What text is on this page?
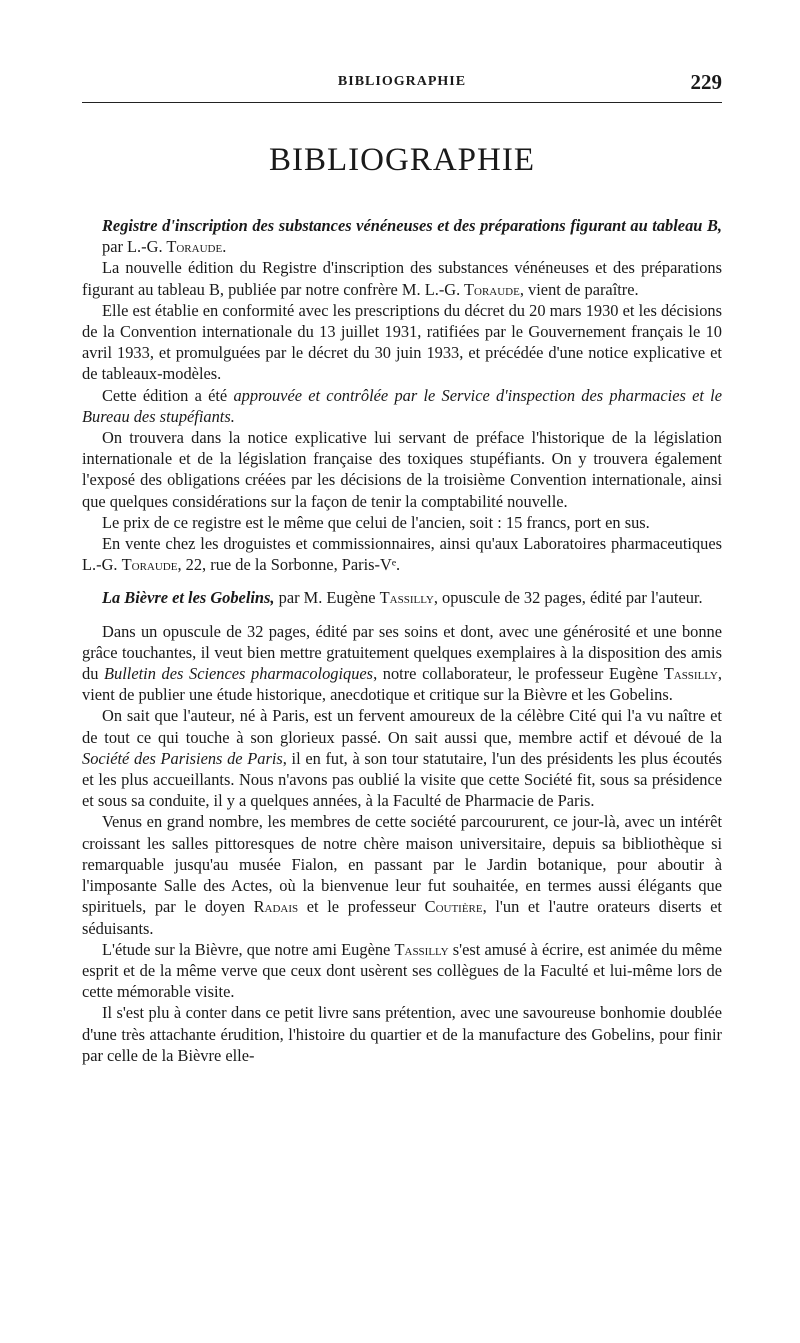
BIBLIOGRAPHIE	229
BIBLIOGRAPHIE

Registre d'inscription des substances vénéneuses et des préparations figurant au tableau B, par L.-G. Toraude.

La nouvelle édition du Registre d'inscription des substances vénéneuses et des préparations figurant au tableau B, publiée par notre confrère M. L.-G. Toraude, vient de paraître.

Elle est établie en conformité avec les prescriptions du décret du 20 mars 1930 et les décisions de la Convention internationale du 13 juillet 1931, ratifiées par le Gouvernement français le 10 avril 1933, et promulguées par le décret du 30 juin 1933, et précédée d'une notice explicative et de tableaux-modèles.

Cette édition a été approuvée et contrôlée par le Service d'inspection des pharmacies et le Bureau des stupéfiants.

On trouvera dans la notice explicative lui servant de préface l'historique de la législation internationale et de la législation française des toxiques stupéfiants. On y trouvera également l'exposé des obligations créées par les décisions de la troisième Convention internationale, ainsi que quelques considérations sur la façon de tenir la comptabilité nouvelle.

Le prix de ce registre est le même que celui de l'ancien, soit : 15 francs, port en sus.

En vente chez les droguistes et commissionnaires, ainsi qu'aux Laboratoires pharmaceutiques L.-G. Toraude, 22, rue de la Sorbonne, Paris-Vᵉ.

La Bièvre et les Gobelins, par M. Eugène Tassilly, opuscule de 32 pages, édité par l'auteur.

Dans un opuscule de 32 pages, édité par ses soins et dont, avec une générosité et une bonne grâce touchantes, il veut bien mettre gratuitement quelques exemplaires à la disposition des amis du Bulletin des Sciences pharmacologiques, notre collaborateur, le professeur Eugène Tassilly, vient de publier une étude historique, anecdotique et critique sur la Bièvre et les Gobelins.

On sait que l'auteur, né à Paris, est un fervent amoureux de la célèbre Cité qui l'a vu naître et de tout ce qui touche à son glorieux passé. On sait aussi que, membre actif et dévoué de la Société des Parisiens de Paris, il en fut, à son tour statutaire, l'un des présidents les plus écoutés et les plus accueillants. Nous n'avons pas oublié la visite que cette Société fit, sous sa présidence et sous sa conduite, il y a quelques années, à la Faculté de Pharmacie de Paris.

Venus en grand nombre, les membres de cette société parcoururent, ce jour-là, avec un intérêt croissant les salles pittoresques de notre chère maison universitaire, depuis sa bibliothèque si remarquable jusqu'au musée Fialon, en passant par le Jardin botanique, pour aboutir à l'imposante Salle des Actes, où la bienvenue leur fut souhaitée, en termes aussi élégants que spirituels, par le doyen Radais et le professeur Coutière, l'un et l'autre orateurs diserts et séduisants.

L'étude sur la Bièvre, que notre ami Eugène Tassilly s'est amusé à écrire, est animée du même esprit et de la même verve que ceux dont usèrent ses collègues de la Faculté et lui-même lors de cette mémorable visite.

Il s'est plu à conter dans ce petit livre sans prétention, avec une savoureuse bonhomie doublée d'une très attachante érudition, l'histoire du quartier et de la manufacture des Gobelins, pour finir par celle de la Bièvre elle-
